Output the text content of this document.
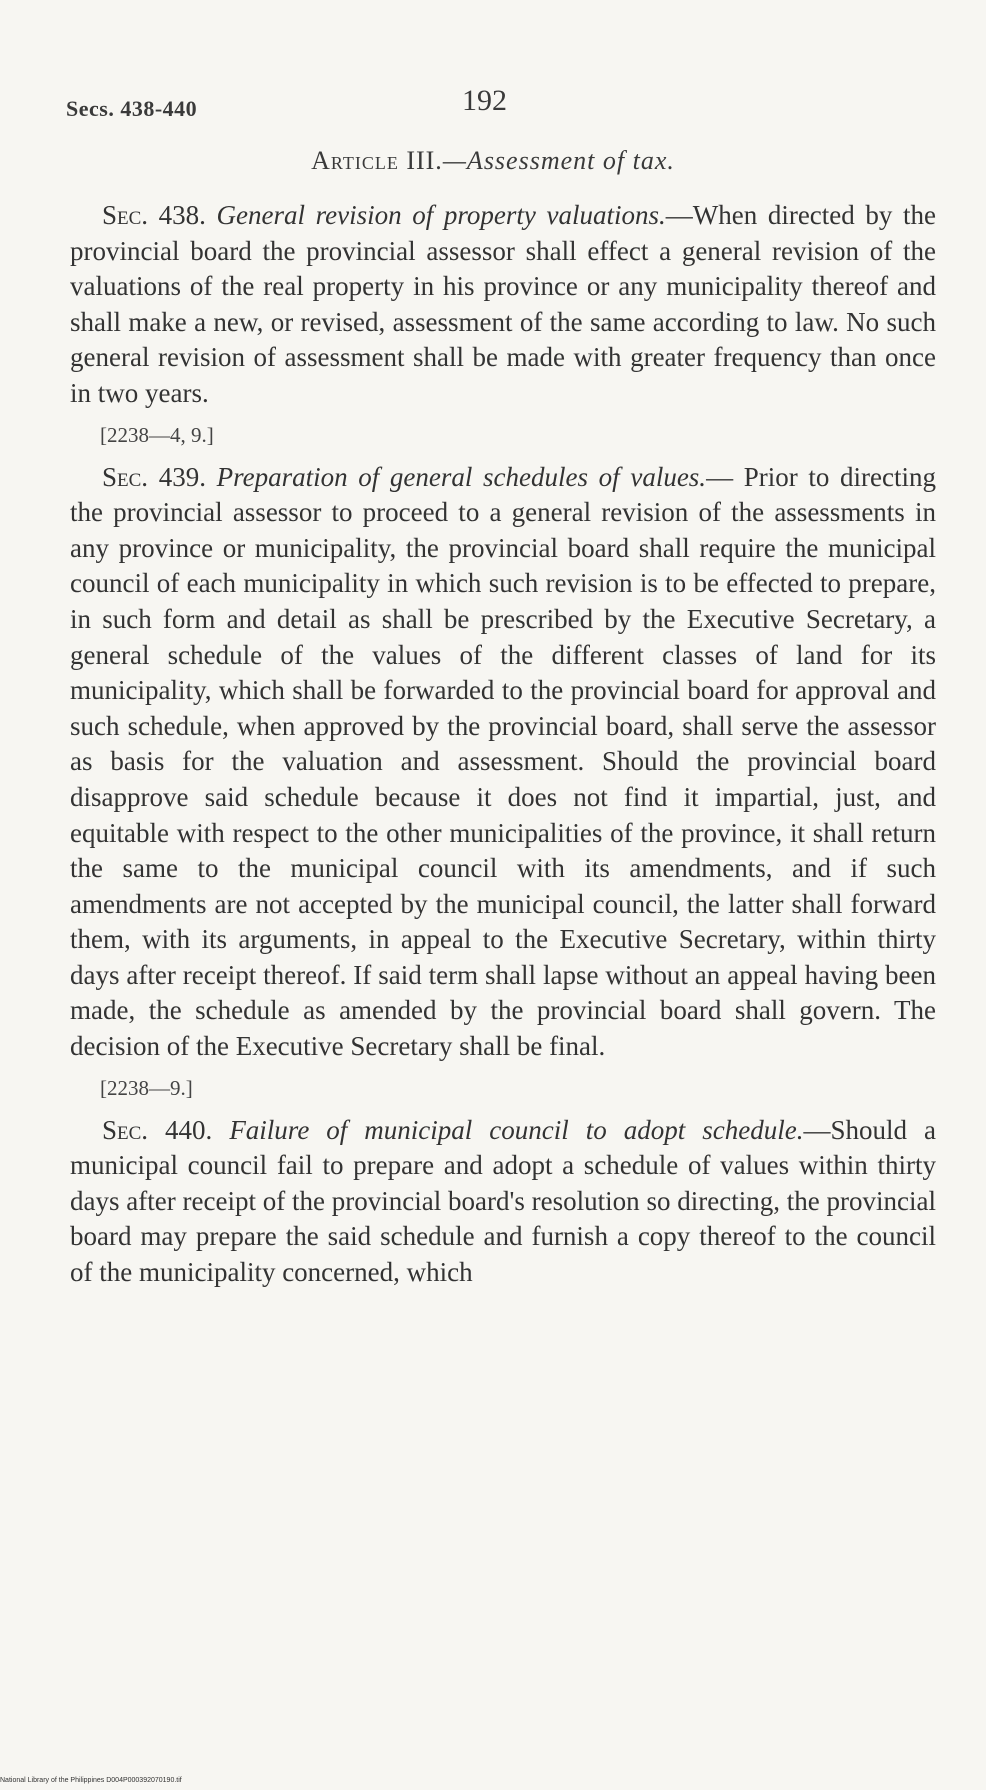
Secs. 438-440	192
Article III.—Assessment of tax.

Sec. 438. General revision of property valuations.—When directed by the provincial board the provincial assessor shall effect a general revision of the valuations of the real property in his province or any municipality thereof and shall make a new, or revised, assessment of the same according to law. No such general revision of assessment shall be made with greater frequency than once in two years.

[2238—4, 9.]

Sec. 439. Preparation of general schedules of values.— Prior to directing the provincial assessor to proceed to a general revision of the assessments in any province or municipality, the provincial board shall require the municipal council of each municipality in which such revision is to be effected to prepare, in such form and detail as shall be prescribed by the Executive Secretary, a general schedule of the values of the different classes of land for its municipality, which shall be forwarded to the provincial board for approval and such schedule, when approved by the provincial board, shall serve the assessor as basis for the valuation and assessment. Should the provincial board disapprove said schedule because it does not find it impartial, just, and equitable with respect to the other municipalities of the province, it shall return the same to the municipal council with its amendments, and if such amendments are not accepted by the municipal council, the latter shall forward them, with its arguments, in appeal to the Executive Secretary, within thirty days after receipt thereof. If said term shall lapse without an appeal having been made, the schedule as amended by the provincial board shall govern. The decision of the Executive Secretary shall be final.

[2238—9.]

Sec. 440. Failure of municipal council to adopt schedule.—Should a municipal council fail to prepare and adopt a schedule of values within thirty days after receipt of the provincial board's resolution so directing, the provincial board may prepare the said schedule and furnish a copy thereof to the council of the municipality concerned, which

National Library of the Philippines D004P000392070190.tif
